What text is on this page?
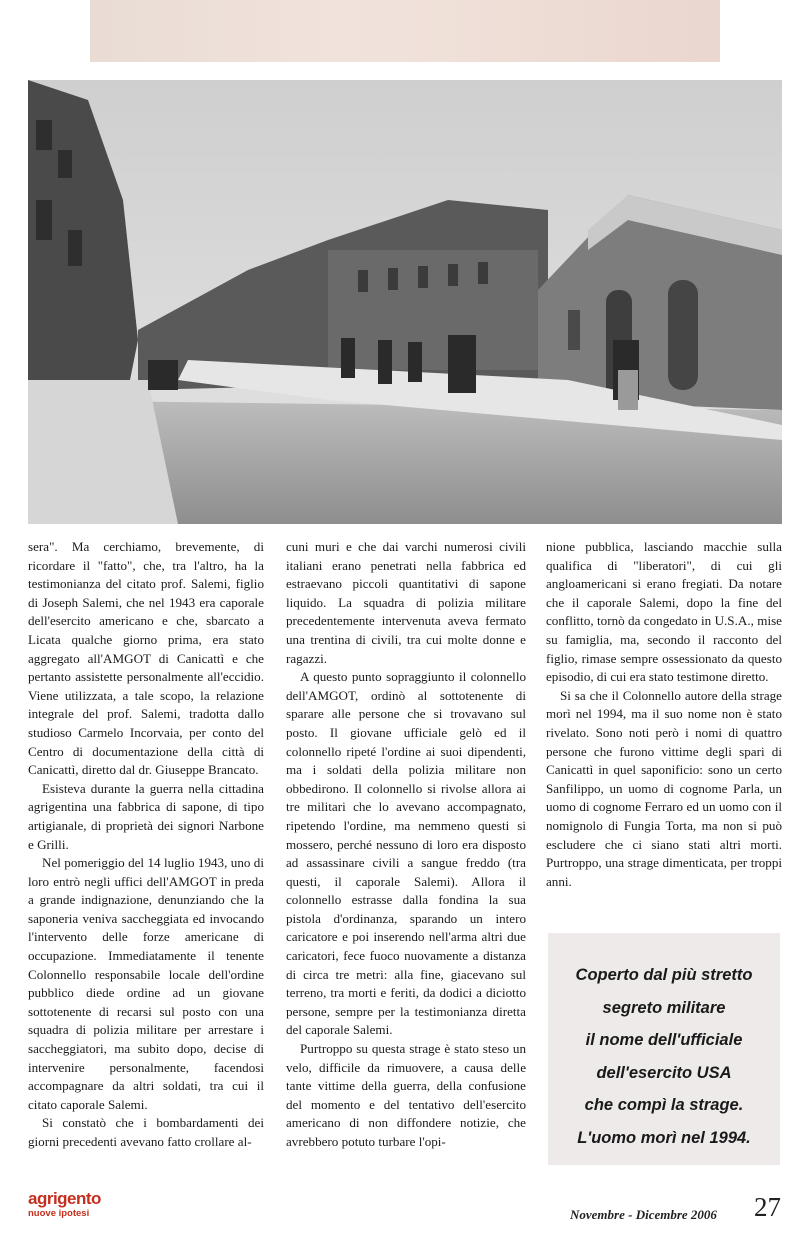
sera". Ma cerchiamo, brevemente, di ricordare il "fatto", che, tra l'altro, ha la testimonianza del citato prof. Salemi, figlio di Joseph Salemi, che nel 1943 era caporale dell'esercito americano e che, sbarcato a Licata qualche giorno prima, era stato aggregato all'AMGOT di Canicattì e che pertanto assistette personalmente all'eccidio. Viene utilizzata, a tale scopo, la relazione integrale del prof. Salemi, tradotta dallo studioso Carmelo Incorvaia, per conto del Centro di documentazione della città di Canicattì, diretto dal dr. Giuseppe Brancato.

Esisteva durante la guerra nella cittadina agrigentina una fabbrica di sapone, di tipo artigianale, di proprietà dei signori Narbone e Grilli.

Nel pomeriggio del 14 luglio 1943, uno di loro entrò negli uffici dell'AMGOT in preda a grande indignazione, denunziando che la saponeria veniva saccheggiata ed invocando l'intervento delle forze americane di occupazione. Immediatamente il tenente Colonnello responsabile locale dell'ordine pubblico diede ordine ad un giovane sottotenente di recarsi sul posto con una squadra di polizia militare per arrestare i saccheggiatori, ma subito dopo, decise di intervenire personalmente, facendosi accompagnare da altri soldati, tra cui il citato caporale Salemi.

Si constatò che i bombardamenti dei giorni precedenti avevano fatto crollare al-

cuni muri e che dai varchi numerosi civili italiani erano penetrati nella fabbrica ed estraevano piccoli quantitativi di sapone liquido. La squadra di polizia militare precedentemente intervenuta aveva fermato una trentina di civili, tra cui molte donne e ragazzi.

A questo punto sopraggiunto il colonnello dell'AMGOT, ordinò al sottotenente di sparare alle persone che si trovavano sul posto. Il giovane ufficiale gelò ed il colonnello ripeté l'ordine ai suoi dipendenti, ma i soldati della polizia militare non obbedirono. Il colonnello si rivolse allora ai tre militari che lo avevano accompagnato, ripetendo l'ordine, ma nemmeno questi si mossero, perché nessuno di loro era disposto ad assassinare civili a sangue freddo (tra questi, il caporale Salemi). Allora il colonnello estrasse dalla fondina la sua pistola d'ordinanza, sparando un intero caricatore e poi inserendo nell'arma altri due caricatori, fece fuoco nuovamente a distanza di circa tre metri: alla fine, giacevano sul terreno, tra morti e feriti, da dodici a diciotto persone, sempre per la testimonianza diretta del caporale Salemi.

Purtroppo su questa strage è stato steso un velo, difficile da rimuovere, a causa delle tante vittime della guerra, della confusione del momento e del tentativo dell'esercito americano di non diffondere notizie, che avrebbero potuto turbare l'opi-

nione pubblica, lasciando macchie sulla qualifica di "liberatori", di cui gli angloamericani si erano fregiati. Da notare che il caporale Salemi, dopo la fine del conflitto, tornò da congedato in U.S.A., mise su famiglia, ma, secondo il racconto del figlio, rimase sempre ossessionato da questo episodio, di cui era stato testimone diretto.

Si sa che il Colonnello autore della strage morì nel 1994, ma il suo nome non è stato rivelato. Sono noti però i nomi di quattro persone che furono vittime degli spari di Canicattì in quel saponificio: sono un certo Sanfilippo, un uomo di cognome Parla, un uomo di cognome Ferraro ed un uomo con il nomignolo di Fungia Torta, ma non si può escludere che ci siano stati altri morti. Purtroppo, una strage dimenticata, per troppi anni.

Coperto dal più stretto
segreto militare
il nome dell'ufficiale
dell'esercito USA
che compì la strage.
L'uomo morì nel 1994.
agrigento
nuove ipotesi	Novembre - Dicembre 2006 27
